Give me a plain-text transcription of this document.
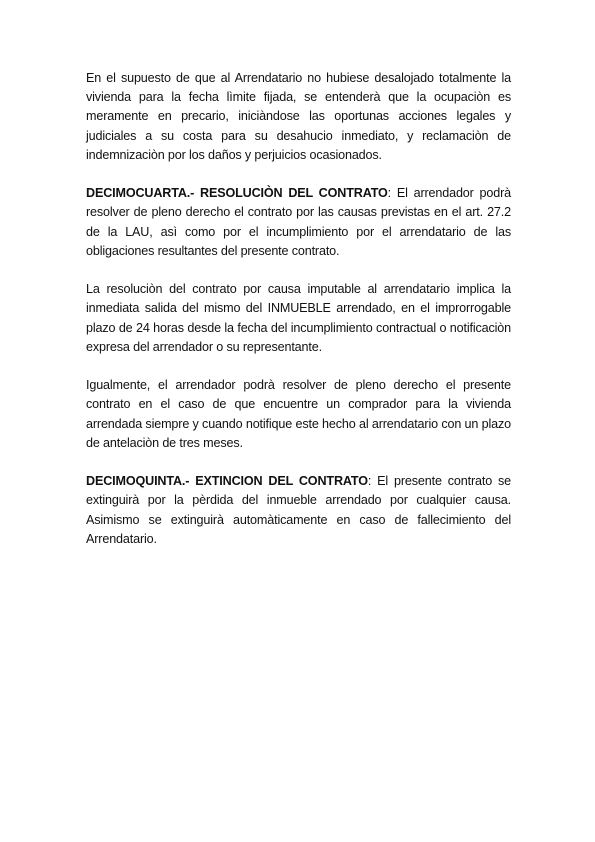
En el supuesto de que al Arrendatario no hubiese desalojado totalmente la vivienda para la fecha lìmite fijada, se entenderà que la ocupaciòn es meramente en precario, iniciàndose las oportunas acciones legales y judiciales a su costa para su desahucio inmediato, y reclamaciòn de indemnizaciòn por los daños y perjuicios ocasionados.

DECIMOCUARTA.- RESOLUCIÒN DEL CONTRATO: El arrendador podrà resolver de pleno derecho el contrato por las causas previstas en el art. 27.2 de la LAU, asì como por el incumplimiento por el arrendatario de las obligaciones resultantes del presente contrato.

La resoluciòn del contrato por causa imputable al arrendatario implica la inmediata salida del mismo del INMUEBLE arrendado, en el improrrogable plazo de 24 horas desde la fecha del incumplimiento contractual o notificaciòn expresa del arrendador o su representante.

Igualmente, el arrendador podrà resolver de pleno derecho el presente contrato en el caso de que encuentre un comprador para la vivienda arrendada siempre y cuando notifique este hecho al arrendatario con un plazo de antelaciòn de tres meses.

DECIMOQUINTA.- EXTINCION DEL CONTRATO: El presente contrato se extinguirà por la pèrdida del inmueble arrendado por cualquier causa. Asimismo se extinguirà automàticamente en caso de fallecimiento del Arrendatario.
